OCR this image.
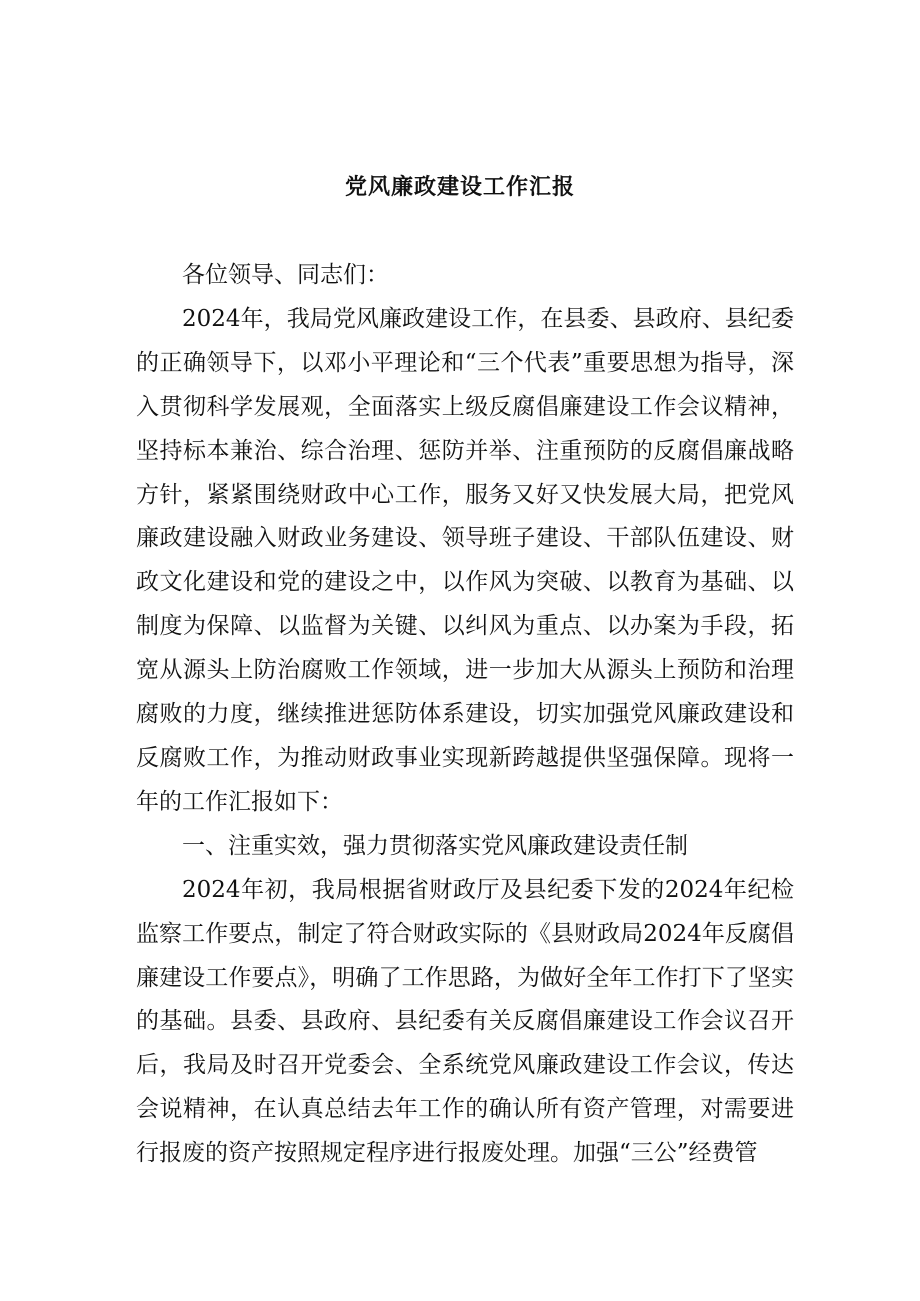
党风廉政建设工作汇报

各位领导、同志们：

2024年，我局党风廉政建设工作，在县委、县政府、县纪委的正确领导下，以邓小平理论和“三个代表”重要思想为指导，深入贯彻科学发展观，全面落实上级反腐倡廉建设工作会议精神，坚持标本兼治、综合治理、惩防并举、注重预防的反腐倡廉战略方针，紧紧围绕财政中心工作，服务又好又快发展大局，把党风廉政建设融入财政业务建设、领导班子建设、干部队伍建设、财政文化建设和党的建设之中，以作风为突破、以教育为基础、以制度为保障、以监督为关键、以纠风为重点、以办案为手段，拓宽从源头上防治腐败工作领域，进一步加大从源头上预防和治理腐败的力度，继续推进惩防体系建设，切实加强党风廉政建设和反腐败工作，为推动财政事业实现新跨越提供坚强保障。现将一年的工作汇报如下：

一、注重实效，强力贯彻落实党风廉政建设责任制

2024年初，我局根据省财政厅及县纪委下发的2024年纪检监察工作要点，制定了符合财政实际的《县财政局2024年反腐倡廉建设工作要点》，明确了工作思路，为做好全年工作打下了坚实的基础。县委、县政府、县纪委有关反腐倡廉建设工作会议召开后，我局及时召开党委会、全系统党风廉政建设工作会议，传达会说精神，在认真总结去年工作的确认所有资产管理，对需要进行报废的资产按照规定程序进行报废处理。加强“三公”经费管
